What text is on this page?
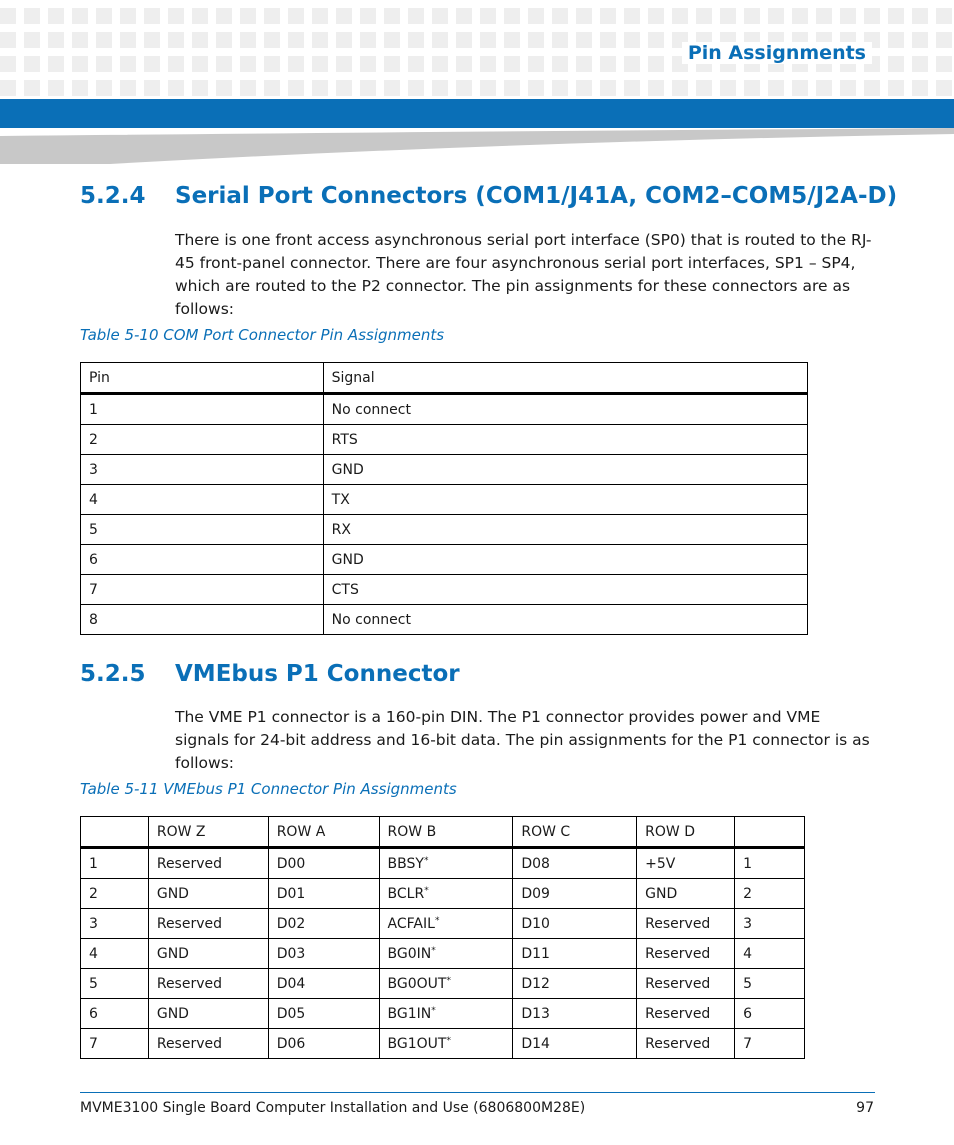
Pin Assignments
5.2.4 Serial Port Connectors (COM1/J41A, COM2–COM5/J2A-D)

There is one front access asynchronous serial port interface (SP0) that is routed to the RJ-45 front-panel connector. There are four asynchronous serial port interfaces, SP1 – SP4, which are routed to the P2 connector. The pin assignments for these connectors are as follows:

Table 5-10 COM Port Connector Pin Assignments
Pin	Signal
1	No connect
2	RTS
3	GND
4	TX
5	RX
6	GND
7	CTS
8	No connect
5.2.5 VMEbus P1 Connector

The VME P1 connector is a 160-pin DIN. The P1 connector provides power and VME signals for 24-bit address and 16-bit data. The pin assignments for the P1 connector is as follows:

Table 5-11 VMEbus P1 Connector Pin Assignments
	ROW Z	ROW A	ROW B	ROW C	ROW D	
1	Reserved	D00	BBSY*	D08	+5V	1
2	GND	D01	BCLR*	D09	GND	2
3	Reserved	D02	ACFAIL*	D10	Reserved	3
4	GND	D03	BG0IN*	D11	Reserved	4
5	Reserved	D04	BG0OUT*	D12	Reserved	5
6	GND	D05	BG1IN*	D13	Reserved	6
7	Reserved	D06	BG1OUT*	D14	Reserved	7
MVME3100 Single Board Computer Installation and Use (6806800M28E)	97
